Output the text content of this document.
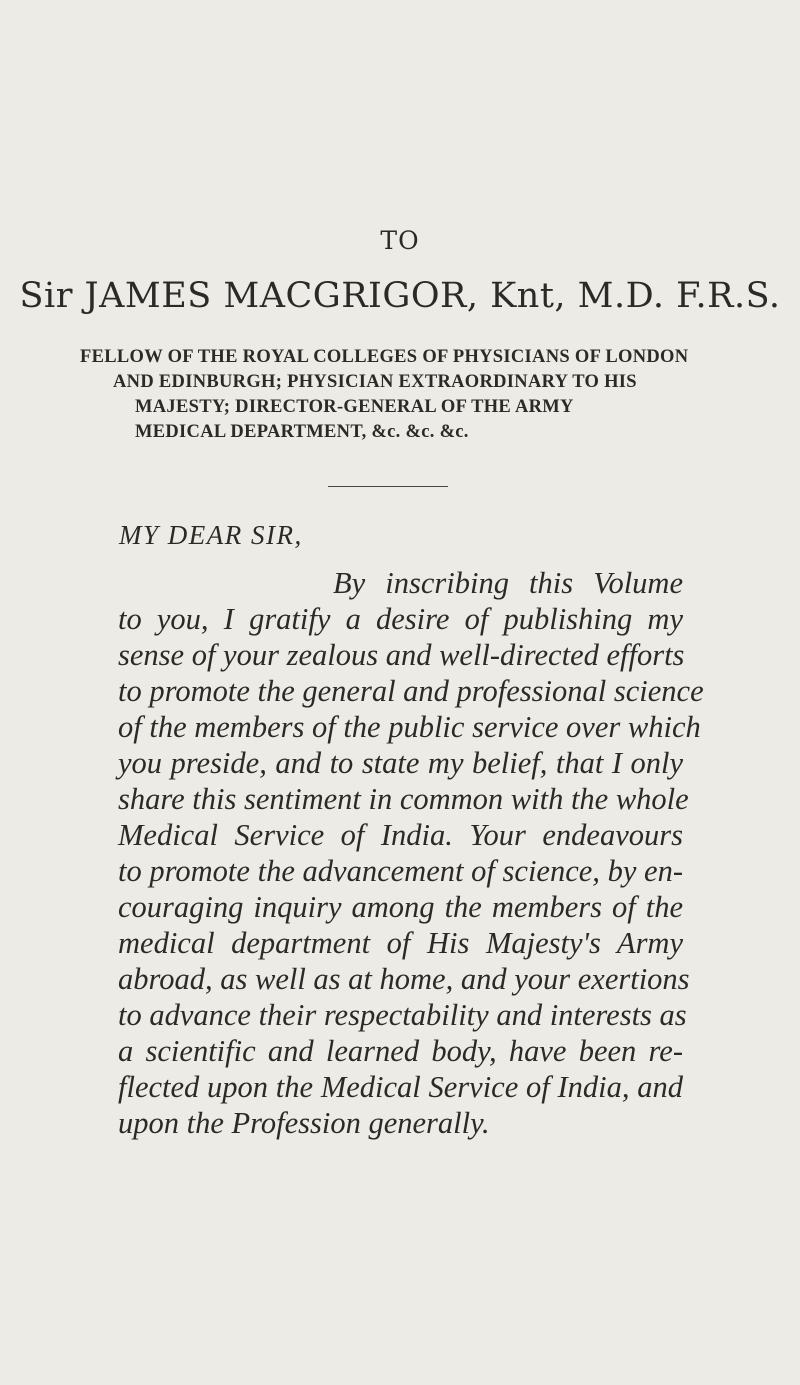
TO
Sir JAMES MACGRIGOR, Knt, M.D. F.R.S.
FELLOW OF THE ROYAL COLLEGES OF PHYSICIANS OF LONDON
AND EDINBURGH; PHYSICIAN EXTRAORDINARY TO HIS
MAJESTY; DIRECTOR-GENERAL OF THE ARMY
MEDICAL DEPARTMENT, &c. &c. &c.
MY DEAR SIR,
By inscribing this Volume
to you, I gratify a desire of publishing my
sense of your zealous and well-directed efforts
to promote the general and professional science
of the members of the public service over which
you preside, and to state my belief, that I only
share this sentiment in common with the whole
Medical Service of India. Your endeavours
to promote the advancement of science, by en-
couraging inquiry among the members of the
medical department of His Majesty's Army
abroad, as well as at home, and your exertions
to advance their respectability and interests as
a scientific and learned body, have been re-
flected upon the Medical Service of India, and
upon the Profession generally.
